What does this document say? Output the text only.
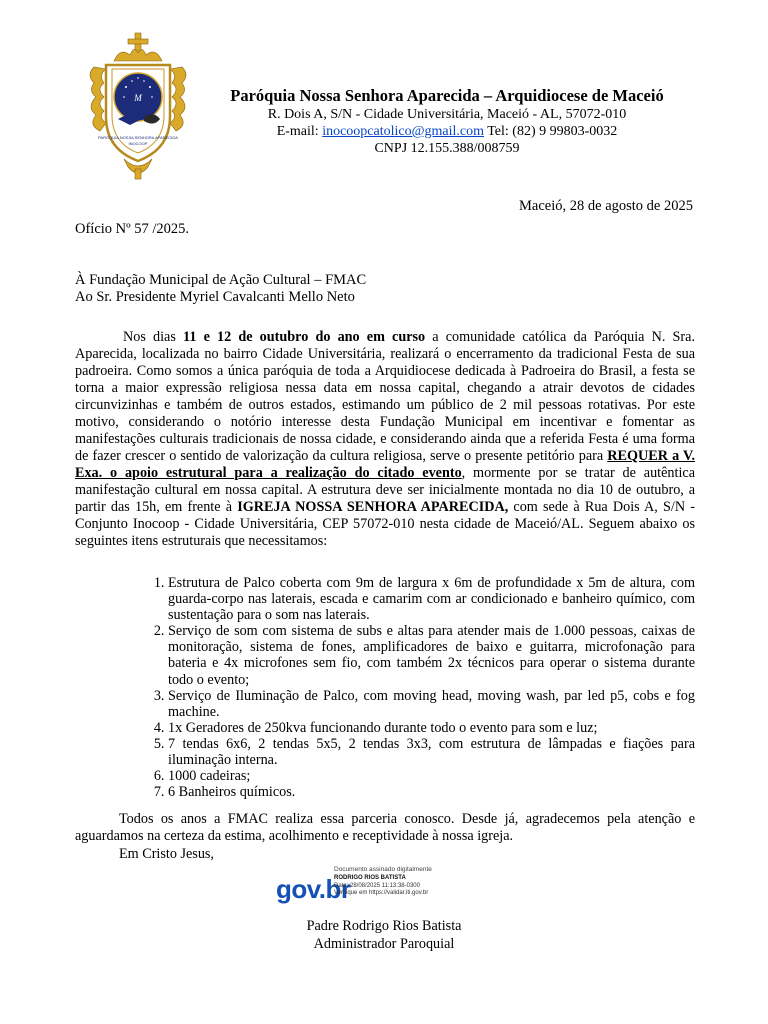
M
PARÓQUIA NOSSA SENHORA APARECIDA
INOCOOP
Paróquia Nossa Senhora Aparecida – Arquidiocese de Maceió
R. Dois A, S/N - Cidade Universitária, Maceió - AL, 57072-010
E-mail: inocoopcatolico@gmail.com Tel: (82) 9 99803-0032
CNPJ 12.155.388/008759
Maceió, 28 de agosto de 2025
Ofício Nº 57 /2025.
À Fundação Municipal de Ação Cultural – FMAC
Ao Sr. Presidente Myriel Cavalcanti Mello Neto
Nos dias 11 e 12 de outubro do ano em curso a comunidade católica da Paróquia N. Sra. Aparecida, localizada no bairro Cidade Universitária, realizará o encerramento da tradicional Festa de sua padroeira. Como somos a única paróquia de toda a Arquidiocese dedicada à Padroeira do Brasil, a festa se torna a maior expressão religiosa nessa data em nossa capital, chegando a atrair devotos de cidades circunvizinhas e também de outros estados, estimando um público de 2 mil pessoas rotativas. Por este motivo, considerando o notório interesse desta Fundação Municipal em incentivar e fomentar as manifestações culturais tradicionais de nossa cidade, e considerando ainda que a referida Festa é uma forma de fazer crescer o sentido de valorização da cultura religiosa, serve o presente petitório para REQUER a V. Exa. o apoio estrutural para a realização do citado evento, mormente por se tratar de autêntica manifestação cultural em nossa capital. A estrutura deve ser inicialmente montada no dia 10 de outubro, a partir das 15h, em frente à IGREJA NOSSA SENHORA APARECIDA, com sede à Rua Dois A, S/N - Conjunto Inocoop - Cidade Universitária, CEP 57072-010 nesta cidade de Maceió/AL. Seguem abaixo os seguintes itens estruturais que necessitamos:
1. Estrutura de Palco coberta com 9m de largura x 6m de profundidade x 5m de altura, com guarda-corpo nas laterais, escada e camarim com ar condicionado e banheiro químico, com sustentação para o som nas laterais.
2. Serviço de som com sistema de subs e altas para atender mais de 1.000 pessoas, caixas de monitoração, sistema de fones, amplificadores de baixo e guitarra, microfonação para bateria e 4x microfones sem fio, com também 2x técnicos para operar o sistema durante todo o evento;
3. Serviço de Iluminação de Palco, com moving head, moving wash, par led p5, cobs e fog machine.
4. 1x Geradores de 250kva funcionando durante todo o evento para som e luz;
5. 7 tendas 6x6, 2 tendas 5x5, 2 tendas 3x3, com estrutura de lâmpadas e fiações para iluminação interna.
6. 1000 cadeiras;
7. 6 Banheiros químicos.
Todos os anos a FMAC realiza essa parceria conosco. Desde já, agradecemos pela atenção e aguardamos na certeza da estima, acolhimento e receptividade à nossa igreja.
Em Cristo Jesus,
gov.br
Documento assinado digitalmente
RODRIGO RIOS BATISTA
Data: 28/08/2025 11:13:38-0300
Verifique em https://validar.iti.gov.br
Padre Rodrigo Rios Batista
Administrador Paroquial
